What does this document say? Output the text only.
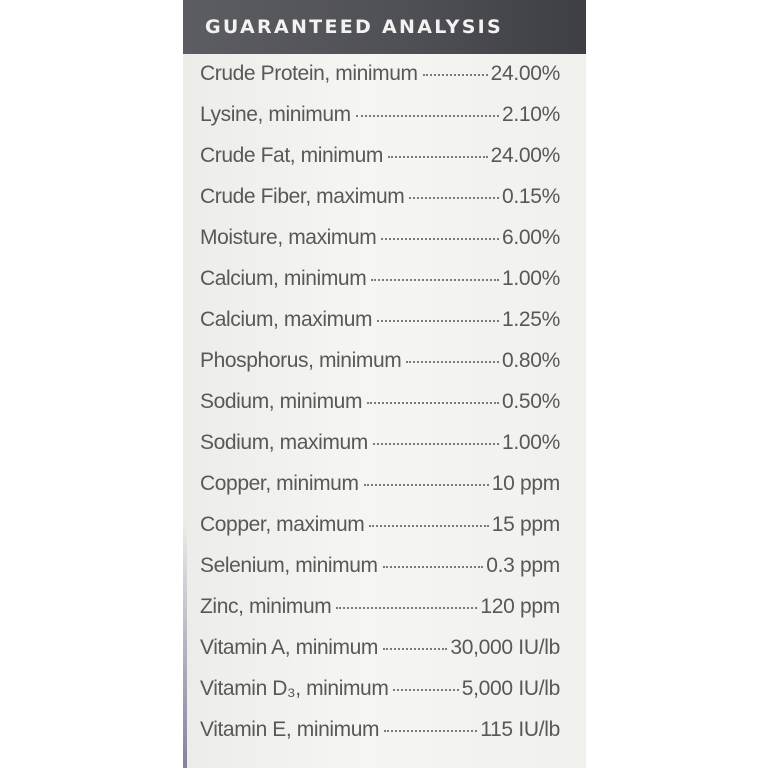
GUARANTEED ANALYSIS
Crude Protein, minimum	24.00%
Lysine, minimum	2.10%
Crude Fat, minimum	24.00%
Crude Fiber, maximum	0.15%
Moisture, maximum	6.00%
Calcium, minimum	1.00%
Calcium, maximum	1.25%
Phosphorus, minimum	0.80%
Sodium, minimum	0.50%
Sodium, maximum	1.00%
Copper, minimum	10 ppm
Copper, maximum	15 ppm
Selenium, minimum	0.3 ppm
Zinc, minimum	120 ppm
Vitamin A, minimum	30,000 IU/lb
Vitamin D₃, minimum	5,000 IU/lb
Vitamin E, minimum	115 IU/lb
